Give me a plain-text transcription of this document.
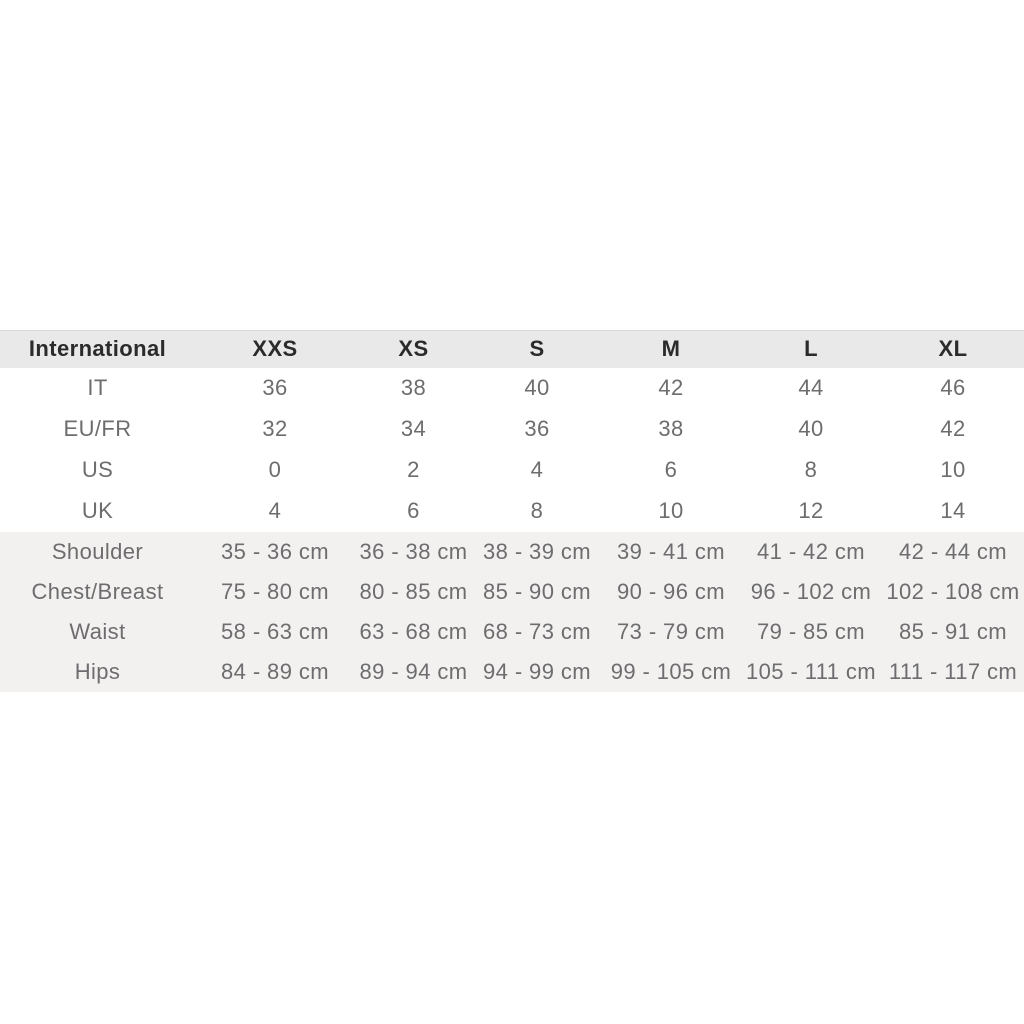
International	XXS	XS	S	M	L	XL
IT	36	38	40	42	44	46
EU/FR	32	34	36	38	40	42
US	0	2	4	6	8	10
UK	4	6	8	10	12	14
Shoulder	35 - 36 cm	36 - 38 cm	38 - 39 cm	39 - 41 cm	41 - 42 cm	42 - 44 cm
Chest/Breast	75 - 80 cm	80 - 85 cm	85 - 90 cm	90 - 96 cm	96 - 102 cm	102 - 108 cm
Waist	58 - 63 cm	63 - 68 cm	68 - 73 cm	73 - 79 cm	79 - 85 cm	85 - 91 cm
Hips	84 - 89 cm	89 - 94 cm	94 - 99 cm	99 - 105 cm	105 - 111 cm	111 - 117 cm
